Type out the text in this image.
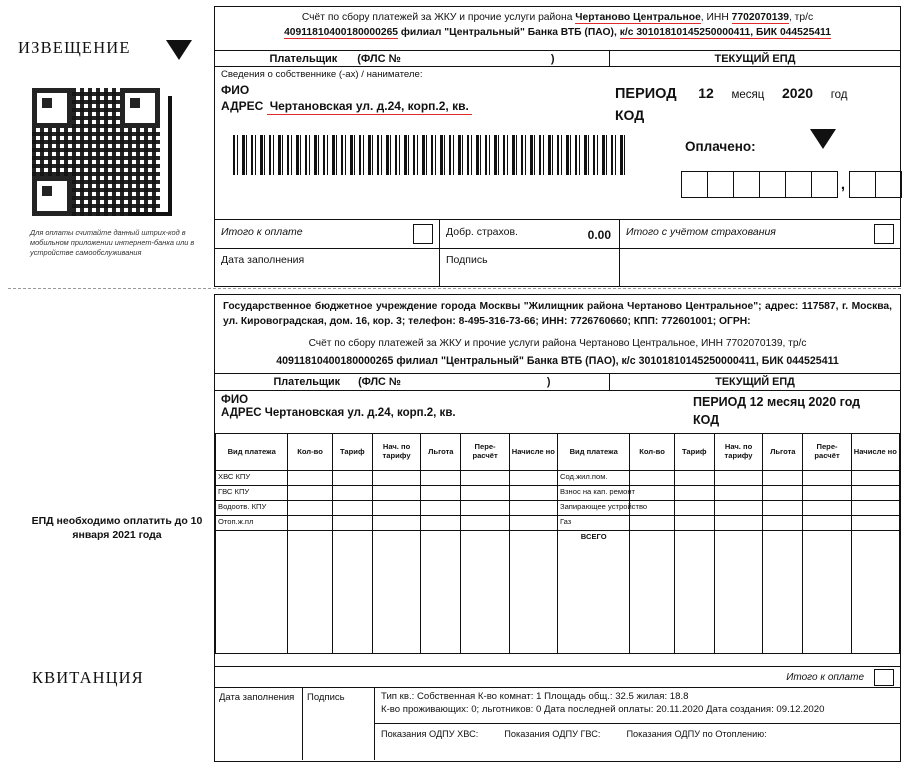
ИЗВЕЩЕНИЕ
Для оплаты считайте данный штрих-код в мобильном приложении интернет-банка или в устройстве самообслуживания
ЕПД необходимо оплатить до 10 января 2021 года
КВИТАНЦИЯ
Счёт по сбору платежей за ЖКУ и прочие услуги района Чертаново Центральное, ИНН 7702070139, тр/с
40911810400180000265 филиал "Центральный" Банка ВТБ (ПАО), к/с 30101810145250000411, БИК 044525411
Плательщик (ФЛС №	)	ТЕКУЩИЙ ЕПД
Сведения о собственнике (-ах) / нанимателе:
ФИО
АДРЕС Чертановская ул. д.24, корп.2, кв.
ПЕРИОД 12 месяц 2020 год
КОД
Оплачено:
,
Итого к оплате	Добр. страхов.	0.00	Итого с учётом страхования
Дата заполнения	Подпись
Государственное бюджетное учреждение города Москвы "Жилищник района Чертаново Центральное"; адрес: 117587, г. Москва, ул. Кировоградская, дом. 16, кор. 3; телефон: 8-495-316-73-66; ИНН: 7726760660; КПП: 772601001; ОГРН:
Счёт по сбору платежей за ЖКУ и прочие услуги района Чертаново Центральное, ИНН 7702070139, тр/с
40911810400180000265 филиал "Центральный" Банка ВТБ (ПАО), к/с 30101810145250000411, БИК 044525411
Плательщик (ФЛС №	)	ТЕКУЩИЙ ЕПД
ФИО
АДРЕС Чертановская ул. д.24, корп.2, кв.
ПЕРИОД 12 месяц 2020 год
КОД
Вид платежа	Кол-во	Тариф	Нач. по тарифу	Льгота	Пере-расчёт	Начисле но	Вид платежа	Кол-во	Тариф	Нач. по тарифу	Льгота	Пере-расчёт	Начисле но
ХВС КПУ							Сод.жил.пом.						
ГВС КПУ							Взнос на кап. ремонт						
Водоотв. КПУ							Запирающее устройство						
Отоп.ж.пл							Газ						
							ВСЕГО						
Итого к оплате
Дата заполнения	Подпись	Тип кв.: Собственная К-во комнат: 1 Площадь общ.: 32.5 жилая: 18.8
К-во проживающих: 0; льготников: 0 Дата последней оплаты: 20.11.2020 Дата создания: 09.12.2020
Показания ОДПУ ХВС:	Показания ОДПУ ГВС:	Показания ОДПУ по Отоплению:
